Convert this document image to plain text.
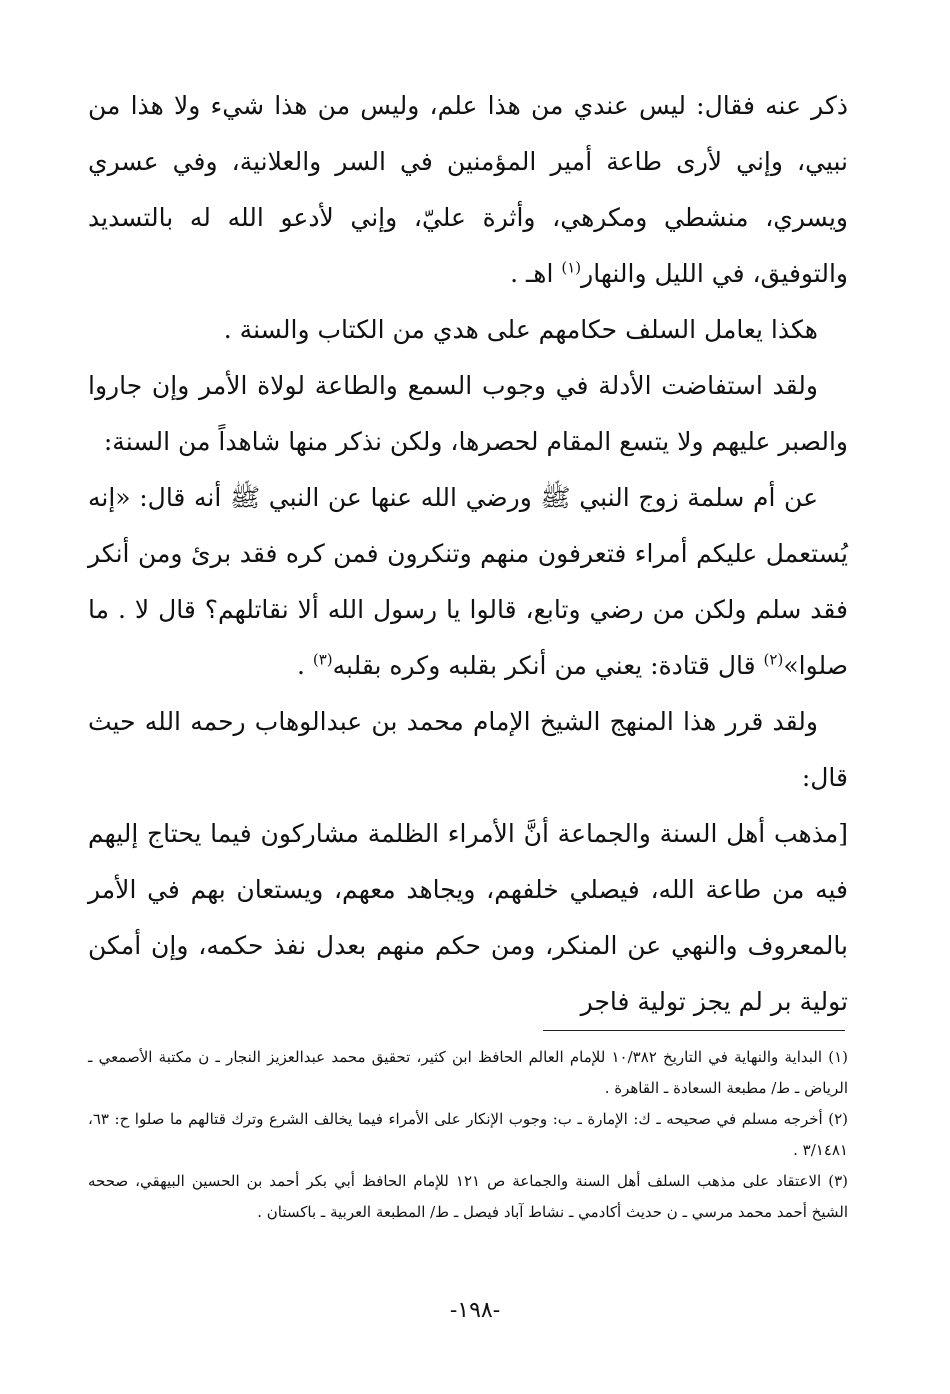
ذكر عنه فقال: ليس عندي من هذا علم، وليس من هذا شيء ولا هذا من نبيي، وإني لأرى طاعة أمير المؤمنين في السر والعلانية، وفي عسري ويسري، منشطي ومكرهي، وأثرة عليّ، وإني لأدعو الله له بالتسديد والتوفيق، في الليل والنهار$^{(١)}$ اهـ .

هكذا يعامل السلف حكامهم على هدي من الكتاب والسنة .

ولقد استفاضت الأدلة في وجوب السمع والطاعة لولاة الأمر وإن جاروا والصبر عليهم ولا يتسع المقام لحصرها، ولكن نذكر منها شاهداً من السنة:

عن أم سلمة زوج النبي ﷺ ورضي الله عنها عن النبي ﷺ أنه قال: «إنه يُستعمل عليكم أمراء فتعرفون منهم وتنكرون فمن كره فقد برئ ومن أنكر فقد سلم ولكن من رضي وتابع، قالوا يا رسول الله ألا نقاتلهم؟ قال لا . ما صلوا»$^{(٢)}$ قال قتادة: يعني من أنكر بقلبه وكره بقلبه$^{(٣)}$ .

ولقد قرر هذا المنهج الشيخ الإمام محمد بن عبدالوهاب رحمه الله حيث قال:

[مذهب أهل السنة والجماعة أنَّ الأمراء الظلمة مشاركون فيما يحتاج إليهم فيه من طاعة الله، فيصلي خلفهم، ويجاهد معهم، ويستعان بهم في الأمر بالمعروف والنهي عن المنكر، ومن حكم منهم بعدل نفذ حكمه، وإن أمكن تولية بر لم يجز تولية فاجر

(١) البداية والنهاية في التاريخ ١٠/٣٨٢ للإمام العالم الحافظ ابن كثير، تحقيق محمد عبدالعزيز النجار ـ ن مكتبة الأصمعي ـ الرياض ـ ط/ مطبعة السعادة ـ القاهرة .

(٢) أخرجه مسلم في صحيحه ـ ك: الإمارة ـ ب: وجوب الإنكار على الأمراء فيما يخالف الشرع وترك قتالهم ما صلوا ح: ٦٣، ٣/١٤٨١ .

(٣) الاعتقاد على مذهب السلف أهل السنة والجماعة ص ١٢١ للإمام الحافظ أبي بكر أحمد بن الحسين البيهقي، صححه الشيخ أحمد محمد مرسي ـ ن حديث أكادمي ـ نشاط آباد فيصل ـ ط/ المطبعة العربية ـ باكستان .

-١٩٨-
